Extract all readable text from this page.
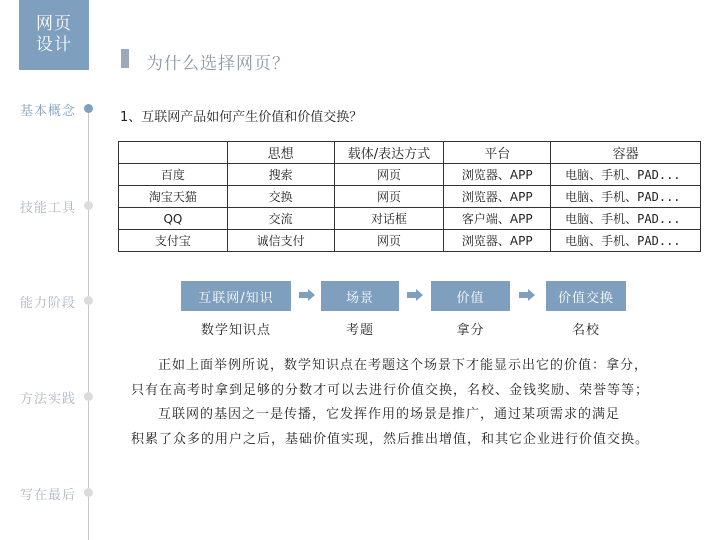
网页
设计
为什么选择网页？
基本概念
技能工具
能力阶段
方法实践
写在最后
1、互联网产品如何产生价值和价值交换？
	思想	载体/表达方式	平台	容器
百度	搜索	网页	浏览器、APP	电脑、手机、PAD...
淘宝天猫	交换	网页	浏览器、APP	电脑、手机、PAD...
QQ	交流	对话框	客户端、APP	电脑、手机、PAD...
支付宝	诚信支付	网页	浏览器、APP	电脑、手机、PAD...
互联网/知识	场景	价值	价值交换
数学知识点	考题	拿分	名校
正如上面举例所说，数学知识点在考题这个场景下才能显示出它的价值：拿分，
只有在高考时拿到足够的分数才可以去进行价值交换，名校、金钱奖励、荣誉等等；
互联网的基因之一是传播，它发挥作用的场景是推广，通过某项需求的满足
积累了众多的用户之后，基础价值实现，然后推出增值，和其它企业进行价值交换。
